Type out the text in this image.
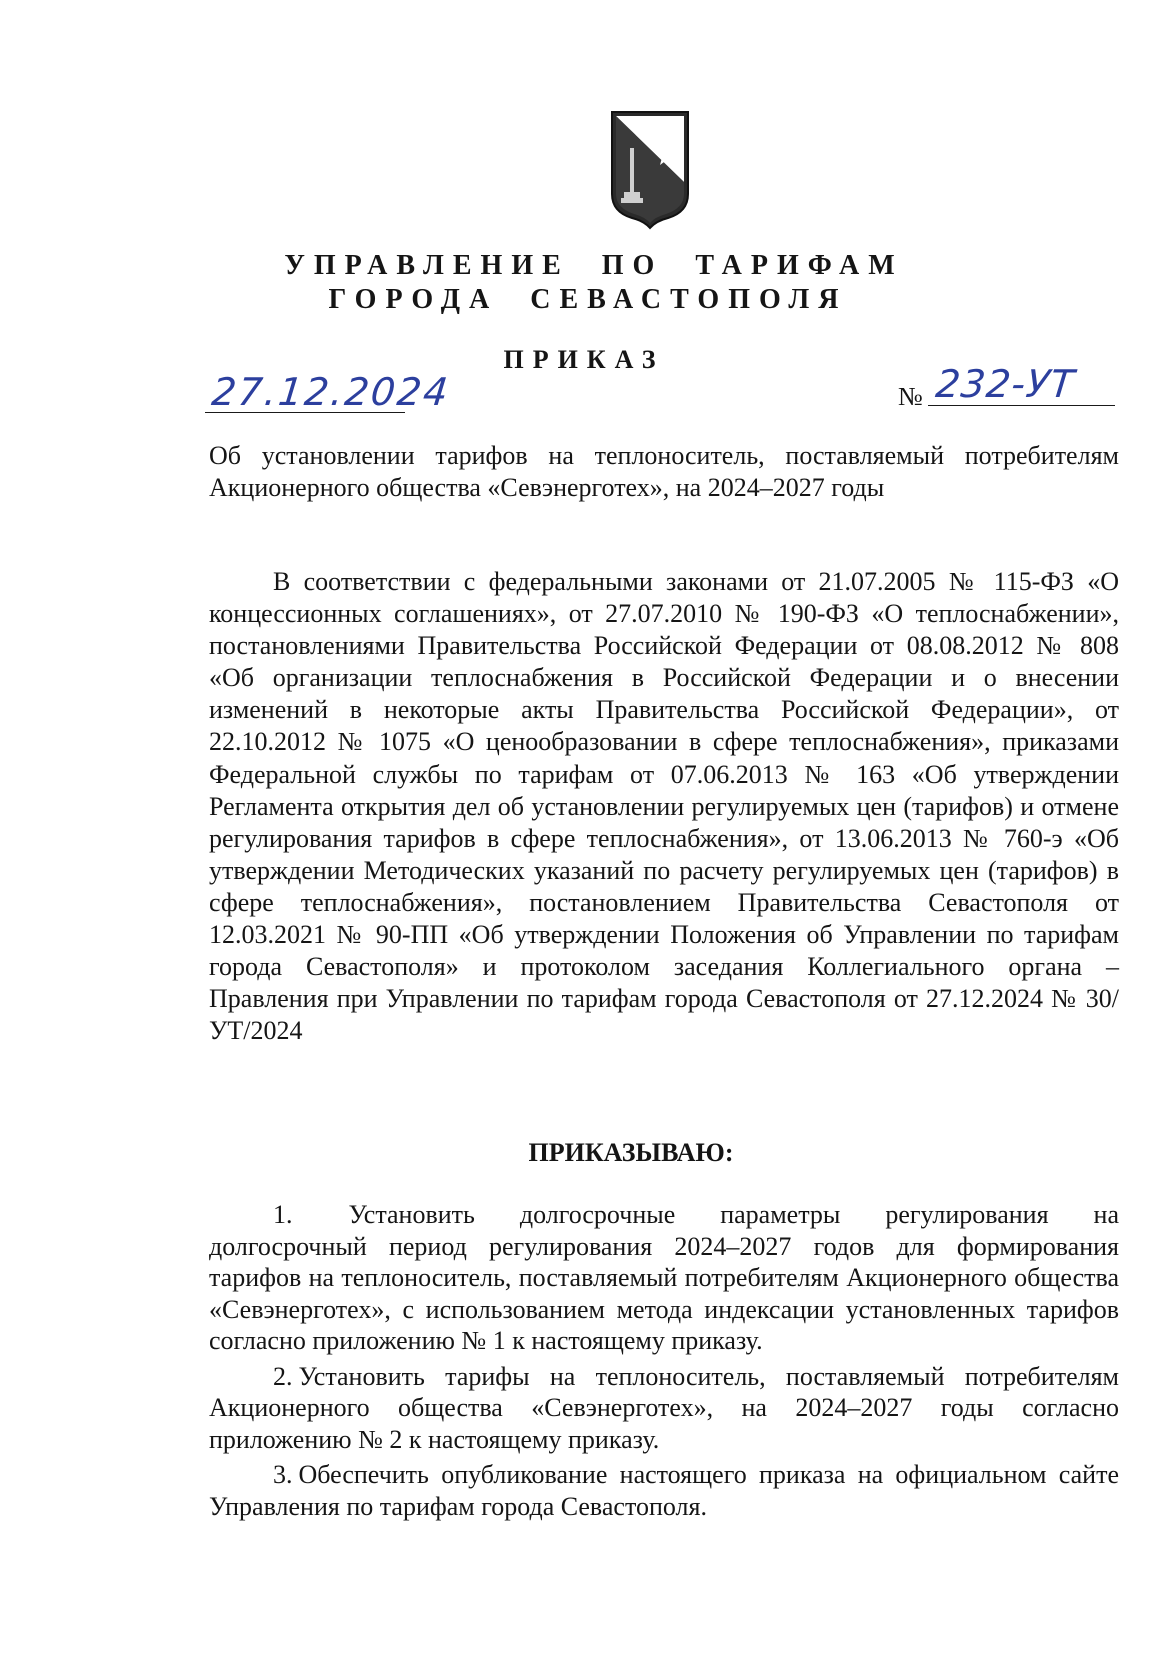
УПРАВЛЕНИЕ  ПО  ТАРИФАМ
ГОРОДА  СЕВАСТОПОЛЯ
ПРИКАЗ
27.12.2024	№ 232-УТ
Об установлении тарифов на теплоноситель, поставляемый потребителям Акционерного общества «Севэнерготех», на 2024–2027 годы
В соответствии с федеральными законами от 21.07.2005 № 115-ФЗ «О концессионных соглашениях», от 27.07.2010 № 190-ФЗ «О теплоснабжении», постановлениями Правительства Российской Федерации от 08.08.2012 № 808 «Об организации теплоснабжения в Российской Федерации и о внесении изменений в некоторые акты Правительства Российской Федерации», от 22.10.2012 № 1075 «О ценообразовании в сфере теплоснабжения», приказами Федеральной службы по тарифам от 07.06.2013 № 163 «Об утверждении Регламента открытия дел об установлении регулируемых цен (тарифов) и отмене регулирования тарифов в сфере теплоснабжения», от 13.06.2013 № 760-э «Об утверждении Методических указаний по расчету регулируемых цен (тарифов) в сфере теплоснабжения», постановлением Правительства Севастополя от 12.03.2021 № 90-ПП «Об утверждении Положения об Управлении по тарифам города Севастополя» и протоколом заседания Коллегиального органа – Правления при Управлении по тарифам города Севастополя от 27.12.2024 № 30/УТ/2024
ПРИКАЗЫВАЮ:

1. Установить долгосрочные параметры регулирования на долгосрочный период регулирования 2024–2027 годов для формирования тарифов на теплоноситель, поставляемый потребителям Акционерного общества «Севэнерготех», с использованием метода индексации установленных тарифов согласно приложению № 1 к настоящему приказу.

2. Установить тарифы на теплоноситель, поставляемый потребителям Акционерного общества «Севэнерготех», на 2024–2027 годы согласно приложению № 2 к настоящему приказу.

3. Обеспечить опубликование настоящего приказа на официальном сайте Управления по тарифам города Севастополя.
